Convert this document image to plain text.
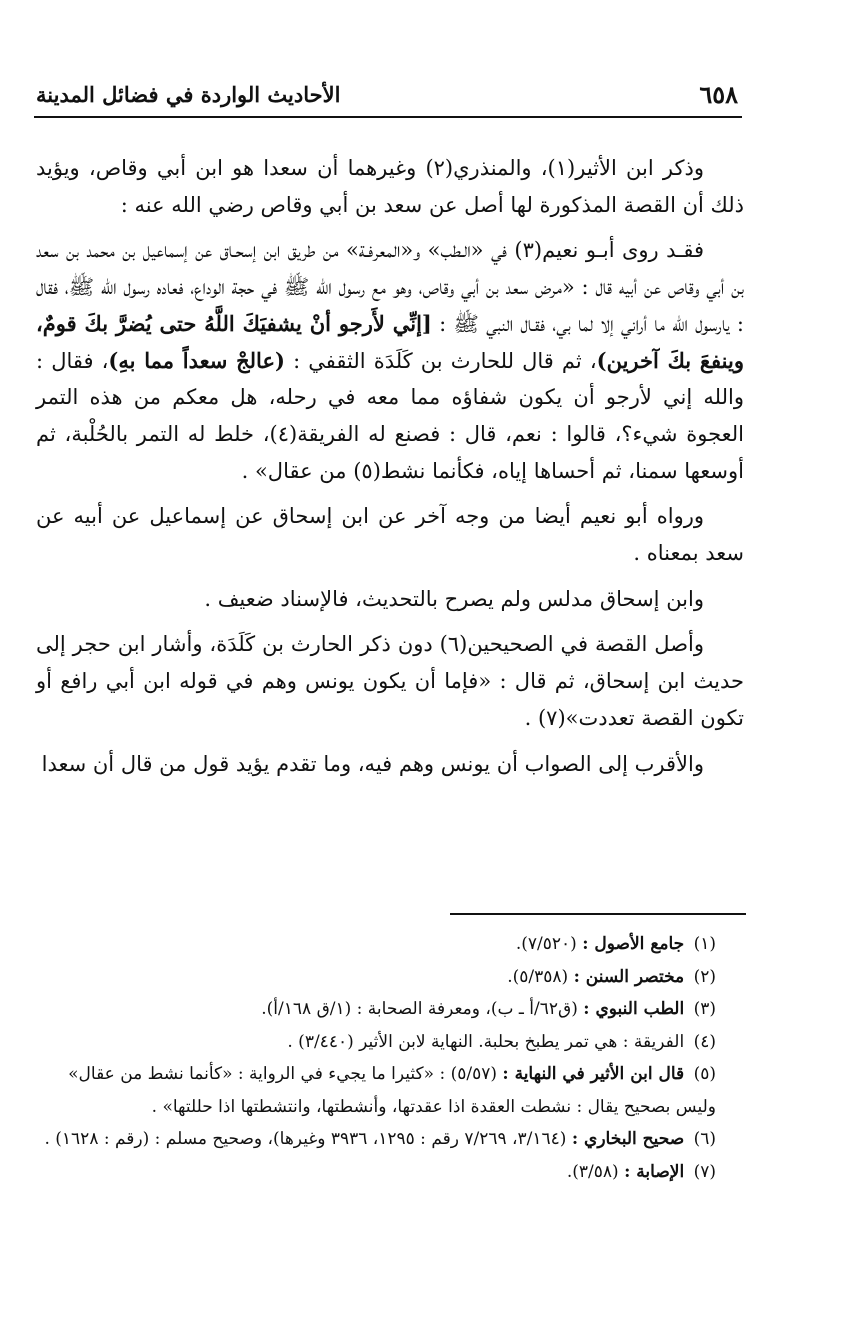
٦٥٨
الأحاديث الواردة في فضائل المدينة

وذكر ابن الأثير(١)، والمنذري(٢) وغيرهما أن سعدا هو ابن أبي وقاص، ويؤيد ذلك أن القصة المذكورة لها أصل عن سعد بن أبي وقاص رضي الله عنه :

فقـد روى أبـو نعيم(٣) في «الـطب» و«المعرفـة» من طريق ابن إسحـاق عن إسماعيل بن محمد بن سعد بن أبي وقاص عن أبيه قال : «مرض سعد بن أبي وقاص، وهو مع رسول الله ﷺ في حجة الوداع، فعاده رسول الله ﷺ، فقال : يارسول الله ما أراني إلا لما بي، فقـال النبي ﷺ : [إنِّي لأَرجو أنْ يشفيَكَ اللَّهُ حتى يُضرَّ بكَ قومٌ، وينفعَ بكَ آخرين)، ثم قال للحارث بن كَلَدَة الثقفي : (عالجْ سعداً مما بهِ)، فقال : والله إني لأرجو أن يكون شفاؤه مما معه في رحله، هل معكم من هذه التمر العجوة شيء؟، قالوا : نعم، قال : فصنع له الفريقة(٤)، خلط له التمر بالحُلْبة، ثم أوسعها سمنا، ثم أحساها إياه، فكأنما نشط(٥) من عقال» .

ورواه أبو نعيم أيضا من وجه آخر عن ابن إسحاق عن إسماعيل عن أبيه عن سعد بمعناه .

وابن إسحاق مدلس ولم يصرح بالتحديث، فالإسناد ضعيف .

وأصل القصة في الصحيحين(٦) دون ذكر الحارث بن كَلَدَة، وأشار ابن حجر إلى حديث ابن إسحاق، ثم قال : «فإما أن يكون يونس وهم في قوله ابن أبي رافع أو تكون القصة تعددت»(٧) .

والأقرب إلى الصواب أن يونس وهم فيه، وما تقدم يؤيد قول من قال أن سعدا

(١) جامع الأصول : (٧/٥٢٠).

(٢) مختصر السنن : (٥/٣٥٨).

(٣) الطب النبوي : (ق٦٢/أ ـ ب)، ومعرفة الصحابة : (١/ق ١٦٨/أ).

(٤) الفريقة : هي تمر يطبخ بحلبة. النهاية لابن الأثير (٣/٤٤٠) .

(٥) قال ابن الأثير في النهاية : (٥/٥٧) : «كثيرا ما يجيء في الرواية : «كأنما نشط من عقال» وليس بصحيح يقال : نشطت العقدة اذا عقدتها، وأنشطتها، وانتشطتها اذا حللتها» .

(٦) صحيح البخاري : (٣/١٦٤، ٧/٢٦٩ رقم : ١٢٩٥، ٣٩٣٦ وغيرها)، وصحيح مسلم : (رقم : ١٦٢٨) .

(٧) الإصابة : (٣/٥٨).
